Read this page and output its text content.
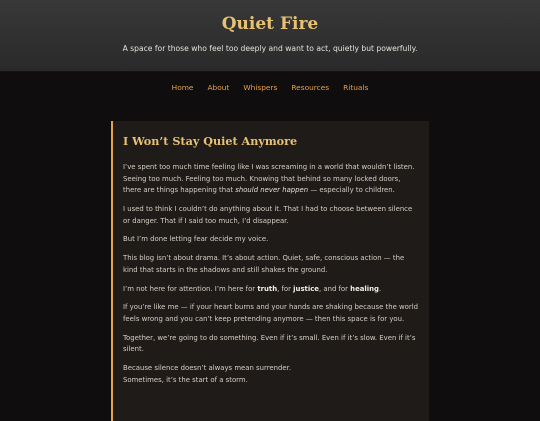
Quiet Fire
A space for those who feel too deeply and want to act, quietly but powerfully.
Home About Whispers Resources Rituals
I Won’t Stay Quiet Anymore

I’ve spent too much time feeling like I was screaming in a world that wouldn’t listen. Seeing too much. Feeling too much. Knowing that behind so many locked doors, there are things happening that should never happen — especially to children.

I used to think I couldn’t do anything about it. That I had to choose between silence or danger. That if I said too much, I’d disappear.

But I’m done letting fear decide my voice.

This blog isn’t about drama. It’s about action. Quiet, safe, conscious action — the kind that starts in the shadows and still shakes the ground.

I’m not here for attention. I’m here for truth, for justice, and for healing.

If you’re like me — if your heart burns and your hands are shaking because the world feels wrong and you can’t keep pretending anymore — then this space is for you.

Together, we’re going to do something. Even if it’s small. Even if it’s slow. Even if it’s silent.

Because silence doesn’t always mean surrender.
Sometimes, it’s the start of a storm.
